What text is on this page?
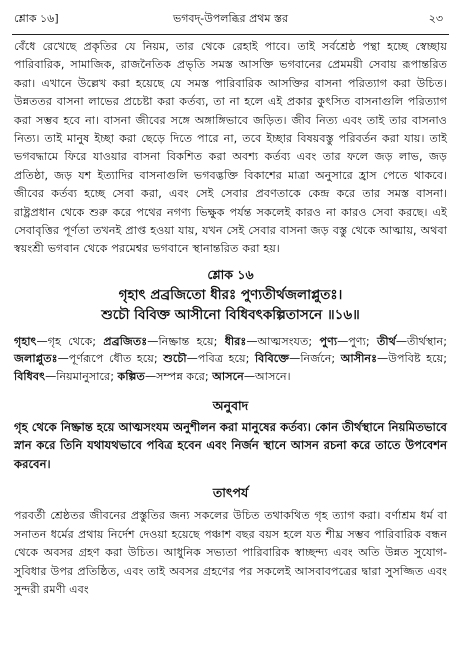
শ্লোক ১৬]	ভগবদ্‌-উপলব্ধির প্রথম স্তর	২৩

বেঁধে রেখেছে প্রকৃতির যে নিয়ম, তার থেকে রেহাই পাবে। তাই সর্বশ্রেষ্ঠ পন্থা হচ্ছে স্বেচ্ছায় পারিবারিক, সামাজিক, রাজনৈতিক প্রভৃতি সমস্ত আসক্তি ভগবানের প্রেমময়ী সেবায় রূপান্তরিত করা। এখানে উল্লেখ করা হয়েছে যে সমস্ত পারিবারিক আসক্তির বাসনা পরিত্যাগ করা উচিত। উন্নততর বাসনা লাভের প্রচেষ্টা করা কর্তব্য, তা না হলে এই প্রকার কুৎসিত বাসনাগুলি পরিত্যাগ করা সম্ভব হবে না। বাসনা জীবের সঙ্গে অঙ্গাঙ্গিভাবে জড়িত। জীব নিত্য এবং তাই তার বাসনাও নিত্য। তাই মানুষ ইচ্ছা করা ছেড়ে দিতে পারে না, তবে ইচ্ছার বিষয়বস্তু পরিবর্তন করা যায়। তাই ভগবদ্ধামে ফিরে যাওয়ার বাসনা বিকশিত করা অবশ্য কর্তব্য এবং তার ফলে জড় লাভ, জড় প্রতিষ্ঠা, জড় যশ ইত্যাদির বাসনাগুলি ভগবদ্ভক্তি বিকাশের মাত্রা অনুসারে হ্রাস পেতে থাকবে। জীবের কর্তব্য হচ্ছে সেবা করা, এবং সেই সেবার প্রবণতাকে কেন্দ্র করে তার সমস্ত বাসনা। রাষ্ট্রপ্রধান থেকে শুরু করে পথের নগণ্য ভিক্ষুক পর্যন্ত সকলেই কারও না কারও সেবা করছে। এই সেবাবৃত্তির পূর্ণতা তখনই প্রাপ্ত হওয়া যায়, যখন সেই সেবার বাসনা জড় বস্তু থেকে আত্মায়, অথবা স্বয়ংশ্রী ভগবান থেকে পরমেশ্বর ভগবানে স্থানান্তরিত করা হয়।

শ্লোক ১৬
গৃহাৎ প্রব্রজিতো ধীরঃ পুণ্যতীর্থজলাপ্লুতঃ।
শুচৌ বিবিক্ত আসীনো বিধিবৎকল্পিতাসনে ॥১৬॥

গৃহাৎ—গৃহ থেকে; প্রব্রজিতঃ—নিষ্ক্রান্ত হয়ে; ধীরঃ—আত্মসংযত; পুণ্য—পুণ্য; তীর্থ—তীর্থস্থান; জলাপ্লুতঃ—পূর্ণরূপে ধৌত হয়ে; শুচৌ—পবিত্র হয়ে; বিবিক্তে—নির্জনে; আসীনঃ—উপবিষ্ট হয়ে; বিধিবৎ—নিয়মানুসারে; কল্পিত—সম্পন্ন করে; আসনে—আসনে।

অনুবাদ

গৃহ থেকে নিষ্ক্রান্ত হয়ে আত্মসংযম অনুশীলন করা মানুষের কর্তব্য। কোন তীর্থস্থানে নিয়মিতভাবে স্নান করে তিনি যথাযথভাবে পবিত্র হবেন এবং নির্জন স্থানে আসন রচনা করে তাতে উপবেশন করবেন।

তাৎপর্য

পরবর্তী শ্রেষ্ঠতর জীবনের প্রস্তুতির জন্য সকলের উচিত তথাকথিত গৃহ ত্যাগ করা। বর্ণাশ্রম ধর্ম বা সনাতন ধর্মের প্রথায় নির্দেশ দেওয়া হয়েছে পঞ্চাশ বছর বয়স হলে যত শীঘ্র সম্ভব পারিবারিক বন্ধন থেকে অবসর গ্রহণ করা উচিত। আধুনিক সভ্যতা পারিবারিক স্বাচ্ছন্দ্য এবং অতি উন্নত সুযোগ-সুবিধার উপর প্রতিষ্ঠিত, এবং তাই অবসর গ্রহণের পর সকলেই আসবাবপত্রের দ্বারা সুসজ্জিত এবং সুন্দরী রমণী এবং
